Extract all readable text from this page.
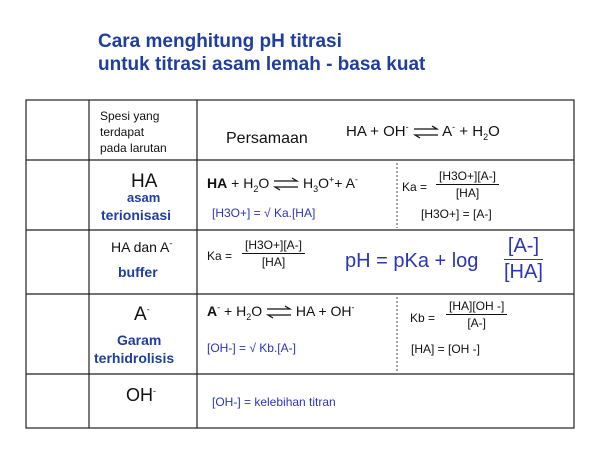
Cara menghitung pH titrasi
untuk titrasi asam lemah - basa kuat
Spesi yang
terdapat
pada larutan
Persamaan	HA + OH- ⇌ $A^- + H_2O$
HA
asam
terionisasi
HA + $H_2O$ ⇌ $H_3O^++ A^-$
[H3O+] = √ Ka.[HA]
$Ka = \frac{[H3O+][A-]}{[HA]}$
[H3O+] = [A-]
HA dan A-
buffer
$Ka = \frac{[H3O+][A-]}{[HA]}$ pH = pKa + $\log \frac{[A-]}{[HA]}$
A-
Garam
terhidrolisis
$A^- + H_2O$ ⇌ HA + OH-
[OH-] = √ Kb.[A-]
$Kb = \frac{[HA][OH -]}{[A-]}$
[HA] = [OH -]
OH-
[OH-] = kelebihan titran
